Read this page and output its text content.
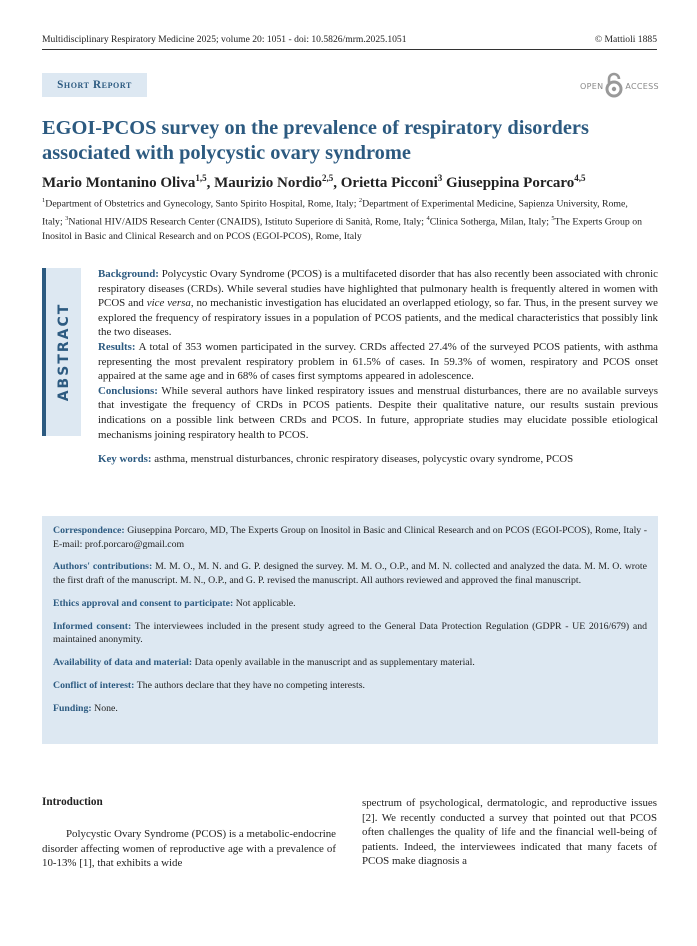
Multidisciplinary Respiratory Medicine 2025; volume 20: 1051 - doi: 10.5826/mrm.2025.1051	© Mattioli 1885
Short Report	OPEN	ACCESS
EGOI-PCOS survey on the prevalence of respiratory disorders associated with polycystic ovary syndrome
Mario Montanino Oliva$^{1,5}$, Maurizio Nordio$^{2,5}$, Orietta Picconi$^3$ Giuseppina Porcaro$^{4,5}$
$^1$Department of Obstetrics and Gynecology, Santo Spirito Hospital, Rome, Italy; $^2$Department of Experimental Medicine, Sapienza University, Rome, Italy; $^3$National HIV/AIDS Research Center (CNAIDS), Istituto Superiore di Sanità, Rome, Italy; $^4$Clinica Sotherga, Milan, Italy; $^5$The Experts Group on Inositol in Basic and Clinical Research and on PCOS (EGOI-PCOS), Rome, Italy
ABSTRACT
Background: Polycystic Ovary Syndrome (PCOS) is a multifaceted disorder that has also recently been associated with chronic respiratory diseases (CRDs). While several studies have highlighted that pulmonary health is frequently altered in women with PCOS and vice versa, no mechanistic investigation has elucidated an overlapped etiology, so far. Thus, in the present survey we explored the frequency of respiratory issues in a population of PCOS patients, and the medical characteristics that possibly link the two diseases.
Results: A total of 353 women participated in the survey. CRDs affected 27.4% of the surveyed PCOS patients, with asthma representing the most prevalent respiratory problem in 61.5% of cases. In 59.3% of women, respiratory and PCOS onset appaired at the same age and in 68% of cases first symptoms appeared in adolescence.
Conclusions: While several authors have linked respiratory issues and menstrual disturbances, there are no available surveys that investigate the frequency of CRDs in PCOS patients. Despite their qualitative nature, our results sustain previous indications on a possible link between CRDs and PCOS. In future, appropriate studies may elucidate possible etiological mechanisms joining respiratory health to PCOS.
Key words: asthma, menstrual disturbances, chronic respiratory diseases, polycystic ovary syndrome, PCOS

Correspondence: Giuseppina Porcaro, MD, The Experts Group on Inositol in Basic and Clinical Research and on PCOS (EGOI-PCOS), Rome, Italy - E-mail: prof.porcaro@gmail.com

Authors' contributions: M. M. O., M. N. and G. P. designed the survey. M. M. O., O.P., and M. N. collected and analyzed the data. M. M. O. wrote the first draft of the manuscript. M. N., O.P., and G. P. revised the manuscript. All authors reviewed and approved the final manuscript.

Ethics approval and consent to participate: Not applicable.

Informed consent: The interviewees included in the present study agreed to the General Data Protection Regulation (GDPR - UE 2016/679) and maintained anonymity.

Availability of data and material: Data openly available in the manuscript and as supplementary material.

Conflict of interest: The authors declare that they have no competing interests.

Funding: None.

Introduction
Polycystic Ovary Syndrome (PCOS) is a metabolic-endocrine disorder affecting women of reproductive age with a prevalence of 10-13% [1], that exhibits a wide
spectrum of psychological, dermatologic, and reproductive issues [2]. We recently conducted a survey that pointed out that PCOS often challenges the quality of life and the financial well-being of patients. Indeed, the interviewees indicated that many facets of PCOS make diagnosis a
